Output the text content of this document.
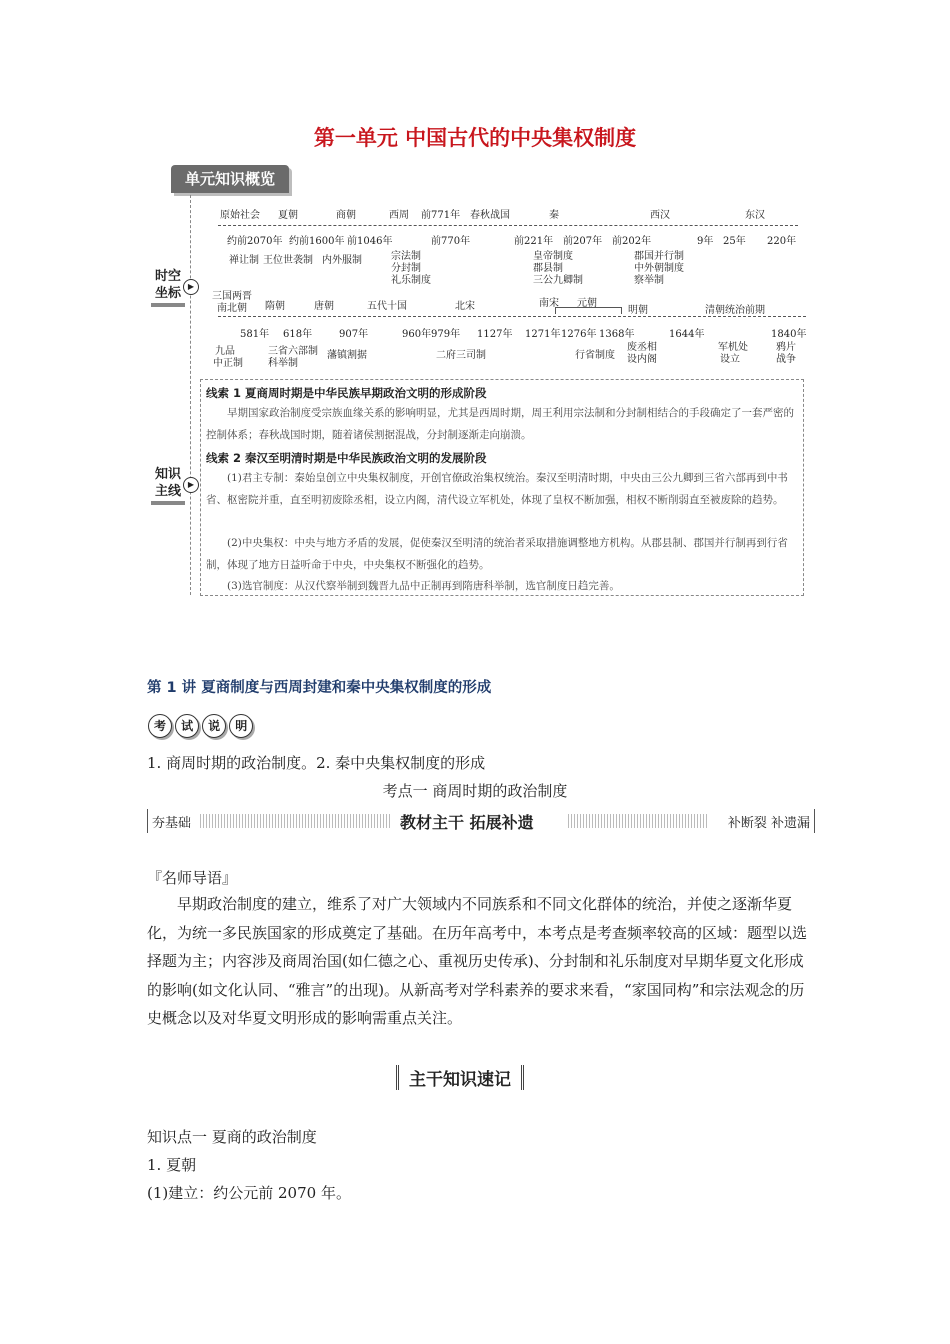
第一单元 中国古代的中央集权制度
单元知识概览
时空
坐标 ▶
知识
主线 ▶
原始社会 夏朝	商朝	西周 前771年 春秋战国	秦	西汉	东汉
约前2070年 约前1600年 前1046年	前770年	前221年 前207年 前202年	9年 25年 220年
禅让制 王位世袭制 内外服制	宗法制
分封制
礼乐制度
皇帝制度
郡县制
三公九卿制
郡国并行制
中外朝制度
察举制
三国两晋
南北朝	隋朝	唐朝	五代十国	北宋	南宋 元朝
明朝	清朝统治前期
581年 618年	907年	960年 979年 1127年 1271年 1276年 1368年	1644年	1840年
九品
中正制
三省六部制
科举制
藩镇割据	二府三司制	行省制度
废丞相
设内阁
军机处
设立
鸦片
战争
线索 1 夏商周时期是中华民族早期政治文明的形成阶段
早期国家政治制度受宗族血缘关系的影响明显，尤其是西周时期，周王利用宗法制和分封制相结合的手段确定了一套严密的控制体系；春秋战国时期，随着诸侯割据混战，分封制逐渐走向崩溃。
线索 2 秦汉至明清时期是中华民族政治文明的发展阶段
(1)君主专制：秦始皇创立中央集权制度，开创官僚政治集权统治。秦汉至明清时期，中央由三公九卿到三省六部再到中书省、枢密院并重，直至明初废除丞相，设立内阁，清代设立军机处，体现了皇权不断加强，相权不断削弱直至被废除的趋势。
(2)中央集权：中央与地方矛盾的发展，促使秦汉至明清的统治者采取措施调整地方机构。从郡县制、郡国并行制再到行省制，体现了地方日益听命于中央，中央集权不断强化的趋势。
(3)选官制度：从汉代察举制到魏晋九品中正制再到隋唐科举制，选官制度日趋完善。
第 1 讲 夏商制度与西周封建和秦中央集权制度的形成
考 试 说 明
1. 商周时期的政治制度。2. 秦中央集权制度的形成
考点一 商周时期的政治制度
夯基础	教材主干 拓展补遗	补断裂 补遗漏
『名师导语』
早期政治制度的建立，维系了对广大领域内不同族系和不同文化群体的统治，并使之逐渐华夏化，为统一多民族国家的形成奠定了基础。在历年高考中，本考点是考查频率较高的区域：题型以选择题为主；内容涉及商周治国(如仁德之心、重视历史传承)、分封制和礼乐制度对早期华夏文化形成的影响(如文化认同、“雅言”的出现)。从新高考对学科素养的要求来看，“家国同构”和宗法观念的历史概念以及对华夏文明形成的影响需重点关注。
主干知识速记
知识点一 夏商的政治制度
1. 夏朝
(1)建立：约公元前 2070 年。
